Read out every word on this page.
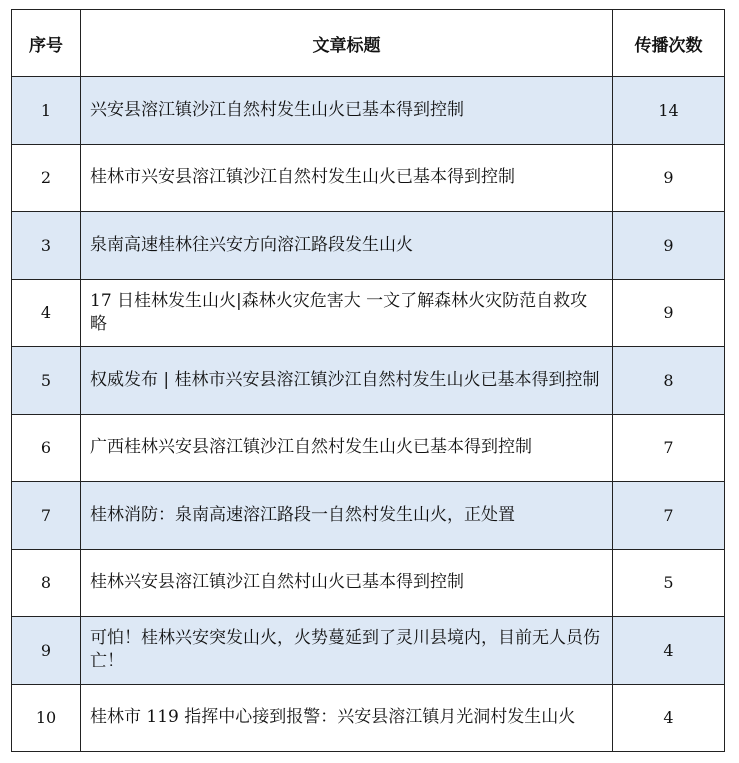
序号	文章标题	传播次数
1	兴安县溶江镇沙江自然村发生山火已基本得到控制	14
2	桂林市兴安县溶江镇沙江自然村发生山火已基本得到控制	9
3	泉南高速桂林往兴安方向溶江路段发生山火	9
4	17 日桂林发生山火|森林火灾危害大 一文了解森林火灾防范自救攻略	9
5	权威发布 | 桂林市兴安县溶江镇沙江自然村发生山火已基本得到控制	8
6	广西桂林兴安县溶江镇沙江自然村发生山火已基本得到控制	7
7	桂林消防：泉南高速溶江路段一自然村发生山火，正处置	7
8	桂林兴安县溶江镇沙江自然村山火已基本得到控制	5
9	可怕！桂林兴安突发山火，火势蔓延到了灵川县境内，目前无人员伤亡！	4
10	桂林市 119 指挥中心接到报警：兴安县溶江镇月光洞村发生山火	4
